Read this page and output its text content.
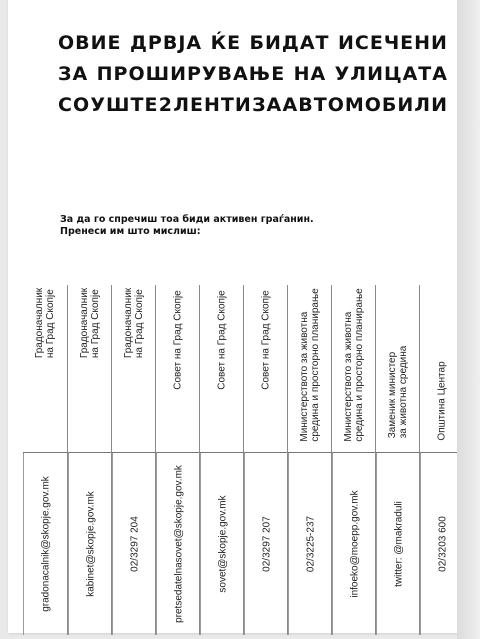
ОВИЕ ДРВЈА ЌЕ БИДАТ ИСЕЧЕНИ
ЗА ПРОШИРУВАЊЕ НА УЛИЦАТА
СО УШТЕ 2 ЛЕНТИ ЗА АВТОМОБИЛИ
За да го спречиш тоа биди активен граѓанин.
Пренеси им што мислиш:
Градоначалник на Град Скопје
gradonacalnik@skopje.gov.mk
Градоначалник на Град Скопје
kabinet@skopje.gov.mk
Градоначалник на Град Скопје
02/3297 204
Совет на Град Скопје
pretsedatelnasovet@skopje.gov.mk
Совет на Град Скопје
sovet@skopje.gov.mk
Совет на Град Скопје
02/3297 207
Министерството за животна средина и просторно планирање
02/3225-237
Министерството за животна средина и просторно планирање
infoeko@moepp.gov.mk
Заменик министер за животна средина
twitter: @makraduli
Општина Центар
02/3203 600
